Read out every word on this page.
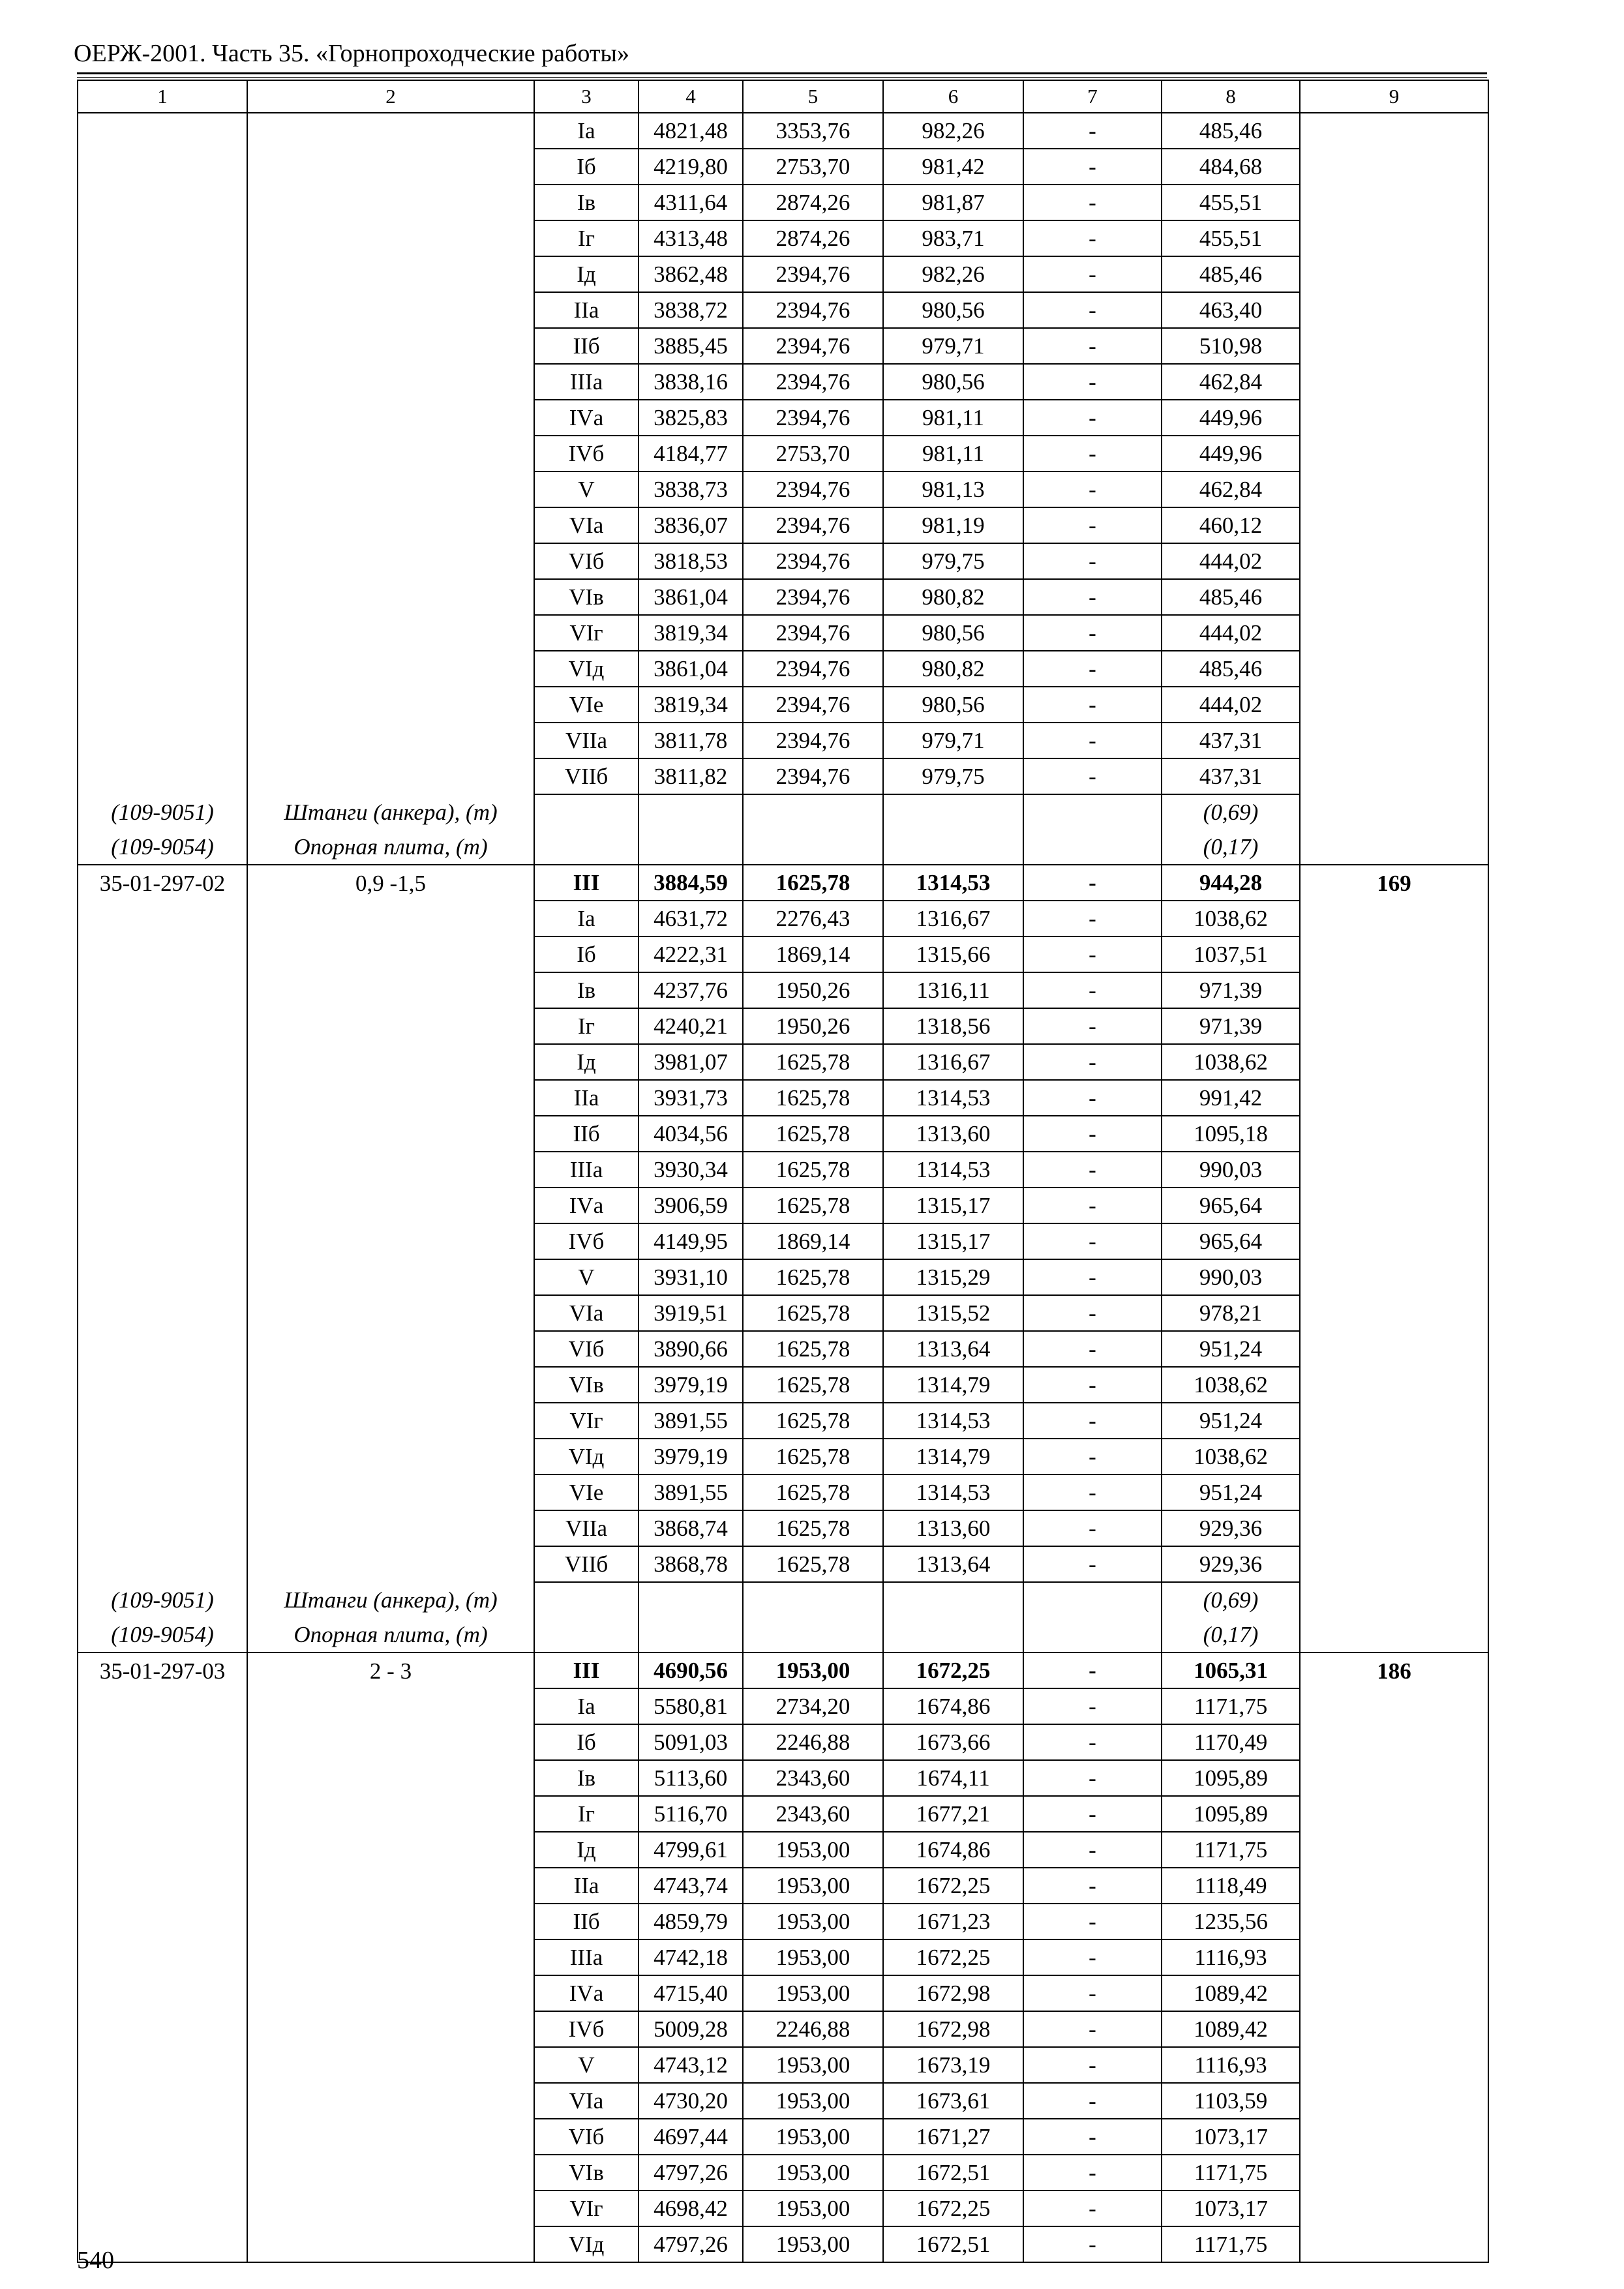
ОЕРЖ-2001. Часть 35. «Горнопроходческие работы»
1	2	3	4	5	6	7	8	9
		Iа	4821,48	3353,76	982,26	-	485,46	
		Iб	4219,80	2753,70	981,42	-	484,68	
		Iв	4311,64	2874,26	981,87	-	455,51	
		Iг	4313,48	2874,26	983,71	-	455,51	
		Iд	3862,48	2394,76	982,26	-	485,46	
		IIа	3838,72	2394,76	980,56	-	463,40	
		IIб	3885,45	2394,76	979,71	-	510,98	
		IIIа	3838,16	2394,76	980,56	-	462,84	
		IVа	3825,83	2394,76	981,11	-	449,96	
		IVб	4184,77	2753,70	981,11	-	449,96	
		V	3838,73	2394,76	981,13	-	462,84	
		VIа	3836,07	2394,76	981,19	-	460,12	
		VIб	3818,53	2394,76	979,75	-	444,02	
		VIв	3861,04	2394,76	980,82	-	485,46	
		VIг	3819,34	2394,76	980,56	-	444,02	
		VIд	3861,04	2394,76	980,82	-	485,46	
		VIе	3819,34	2394,76	980,56	-	444,02	
		VIIа	3811,78	2394,76	979,71	-	437,31	
		VIIб	3811,82	2394,76	979,75	-	437,31	
(109-9051)	Штанги (анкера), (т)						(0,69)	
(109-9054)	Опорная плита, (т)						(0,17)	
35-01-297-02	0,9 -1,5	III	3884,59	1625,78	1314,53	-	944,28	169
		Iа	4631,72	2276,43	1316,67	-	1038,62	
		Iб	4222,31	1869,14	1315,66	-	1037,51	
		Iв	4237,76	1950,26	1316,11	-	971,39	
		Iг	4240,21	1950,26	1318,56	-	971,39	
		Iд	3981,07	1625,78	1316,67	-	1038,62	
		IIа	3931,73	1625,78	1314,53	-	991,42	
		IIб	4034,56	1625,78	1313,60	-	1095,18	
		IIIа	3930,34	1625,78	1314,53	-	990,03	
		IVа	3906,59	1625,78	1315,17	-	965,64	
		IVб	4149,95	1869,14	1315,17	-	965,64	
		V	3931,10	1625,78	1315,29	-	990,03	
		VIа	3919,51	1625,78	1315,52	-	978,21	
		VIб	3890,66	1625,78	1313,64	-	951,24	
		VIв	3979,19	1625,78	1314,79	-	1038,62	
		VIг	3891,55	1625,78	1314,53	-	951,24	
		VIд	3979,19	1625,78	1314,79	-	1038,62	
		VIе	3891,55	1625,78	1314,53	-	951,24	
		VIIа	3868,74	1625,78	1313,60	-	929,36	
		VIIб	3868,78	1625,78	1313,64	-	929,36	
(109-9051)	Штанги (анкера), (т)						(0,69)	
(109-9054)	Опорная плита, (т)						(0,17)	
35-01-297-03	2 - 3	III	4690,56	1953,00	1672,25	-	1065,31	186
		Iа	5580,81	2734,20	1674,86	-	1171,75	
		Iб	5091,03	2246,88	1673,66	-	1170,49	
		Iв	5113,60	2343,60	1674,11	-	1095,89	
		Iг	5116,70	2343,60	1677,21	-	1095,89	
		Iд	4799,61	1953,00	1674,86	-	1171,75	
		IIа	4743,74	1953,00	1672,25	-	1118,49	
		IIб	4859,79	1953,00	1671,23	-	1235,56	
		IIIа	4742,18	1953,00	1672,25	-	1116,93	
		IVа	4715,40	1953,00	1672,98	-	1089,42	
		IVб	5009,28	2246,88	1672,98	-	1089,42	
		V	4743,12	1953,00	1673,19	-	1116,93	
		VIа	4730,20	1953,00	1673,61	-	1103,59	
		VIб	4697,44	1953,00	1671,27	-	1073,17	
		VIв	4797,26	1953,00	1672,51	-	1171,75	
		VIг	4698,42	1953,00	1672,25	-	1073,17	
		VIд	4797,26	1953,00	1672,51	-	1171,75	
540
